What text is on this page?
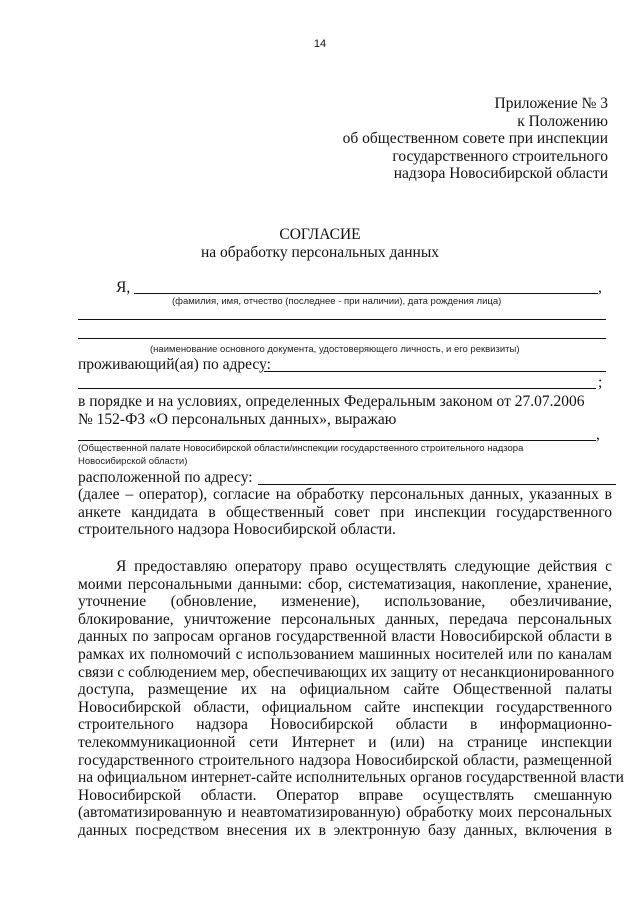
14
Приложение № 3
к Положению
об общественном совете при инспекции
государственного строительного
надзора Новосибирской области
СОГЛАСИЕ
на обработку персональных данных
Я,	,
(фамилия, имя, отчество (последнее - при наличии), дата рождения лица)
(наименование основного документа, удостоверяющего личность, и его реквизиты)
проживающий(ая) по адресу:
;
в порядке и на условиях, определенных Федеральным законом от 27.07.2006
№ 152-ФЗ «О персональных данных», выражаю
,
(Общественной палате Новосибирской области/инспекции государственного строительного надзора
Новосибирской области)
расположенной по адресу:
(далее – оператор), согласие на обработку персональных данных, указанных в
анкете кандидата в общественный совет при инспекции государственного
строительного надзора Новосибирской области.
Я предоставляю оператору право осуществлять следующие действия с
моими персональными данными: сбор, систематизация, накопление, хранение,
уточнение (обновление, изменение), использование, обезличивание,
блокирование, уничтожение персональных данных, передача персональных
данных по запросам органов государственной власти Новосибирской области в
рамках их полномочий с использованием машинных носителей или по каналам
связи с соблюдением мер, обеспечивающих их защиту от несанкционированного
доступа, размещение их на официальном сайте Общественной палаты
Новосибирской области, официальном сайте инспекции государственного
строительного надзора Новосибирской области в информационно-
телекоммуникационной сети Интернет и (или) на странице инспекции
государственного строительного надзора Новосибирской области, размещенной
на официальном интернет-сайте исполнительных органов государственной власти
Новосибирской области. Оператор вправе осуществлять смешанную
(автоматизированную и неавтоматизированную) обработку моих персональных
данных посредством внесения их в электронную базу данных, включения в
